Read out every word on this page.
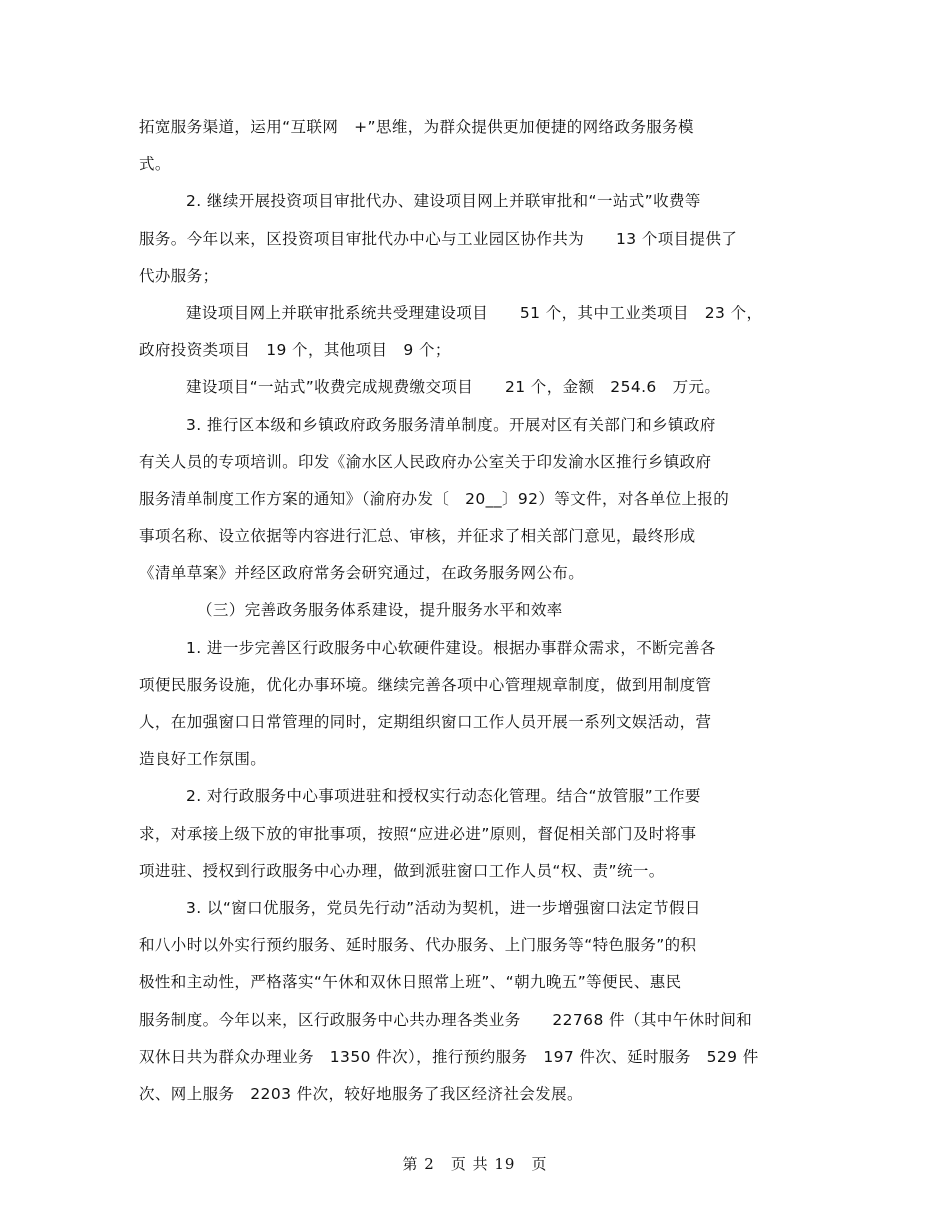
拓宽服务渠道，运用“互联网　+”思维，为群众提供更加便捷的网络政务服务模
式。
2. 继续开展投资项目审批代办、建设项目网上并联审批和“一站式”收费等
服务。今年以来，区投资项目审批代办中心与工业园区协作共为　　13 个项目提供了
代办服务；
建设项目网上并联审批系统共受理建设项目　　51 个，其中工业类项目　23 个，
政府投资类项目　19 个，其他项目　9 个；
建设项目“一站式”收费完成规费缴交项目　　21 个，金额　254.6　万元。
3. 推行区本级和乡镇政府政务服务清单制度。开展对区有关部门和乡镇政府
有关人员的专项培训。印发《渝水区人民政府办公室关于印发渝水区推行乡镇政府
服务清单制度工作方案的通知》（渝府办发〔　20__〕92）等文件，对各单位上报的
事项名称、设立依据等内容进行汇总、审核，并征求了相关部门意见，最终形成
《清单草案》并经区政府常务会研究通过，在政务服务网公布。
（三）完善政务服务体系建设，提升服务水平和效率
1. 进一步完善区行政服务中心软硬件建设。根据办事群众需求，不断完善各
项便民服务设施，优化办事环境。继续完善各项中心管理规章制度，做到用制度管
人，在加强窗口日常管理的同时，定期组织窗口工作人员开展一系列文娱活动，营
造良好工作氛围。
2. 对行政服务中心事项进驻和授权实行动态化管理。结合“放管服”工作要
求，对承接上级下放的审批事项，按照“应进必进”原则，督促相关部门及时将事
项进驻、授权到行政服务中心办理，做到派驻窗口工作人员“权、责”统一。
3. 以“窗口优服务，党员先行动”活动为契机，进一步增强窗口法定节假日
和八小时以外实行预约服务、延时服务、代办服务、上门服务等“特色服务”的积
极性和主动性，严格落实“午休和双休日照常上班”、“朝九晚五”等便民、惠民
服务制度。今年以来，区行政服务中心共办理各类业务　　22768 件（其中午休时间和
双休日共为群众办理业务　1350 件次），推行预约服务　197 件次、延时服务　529 件
次、网上服务　2203 件次，较好地服务了我区经济社会发展。
第 2　页 共 19　页
